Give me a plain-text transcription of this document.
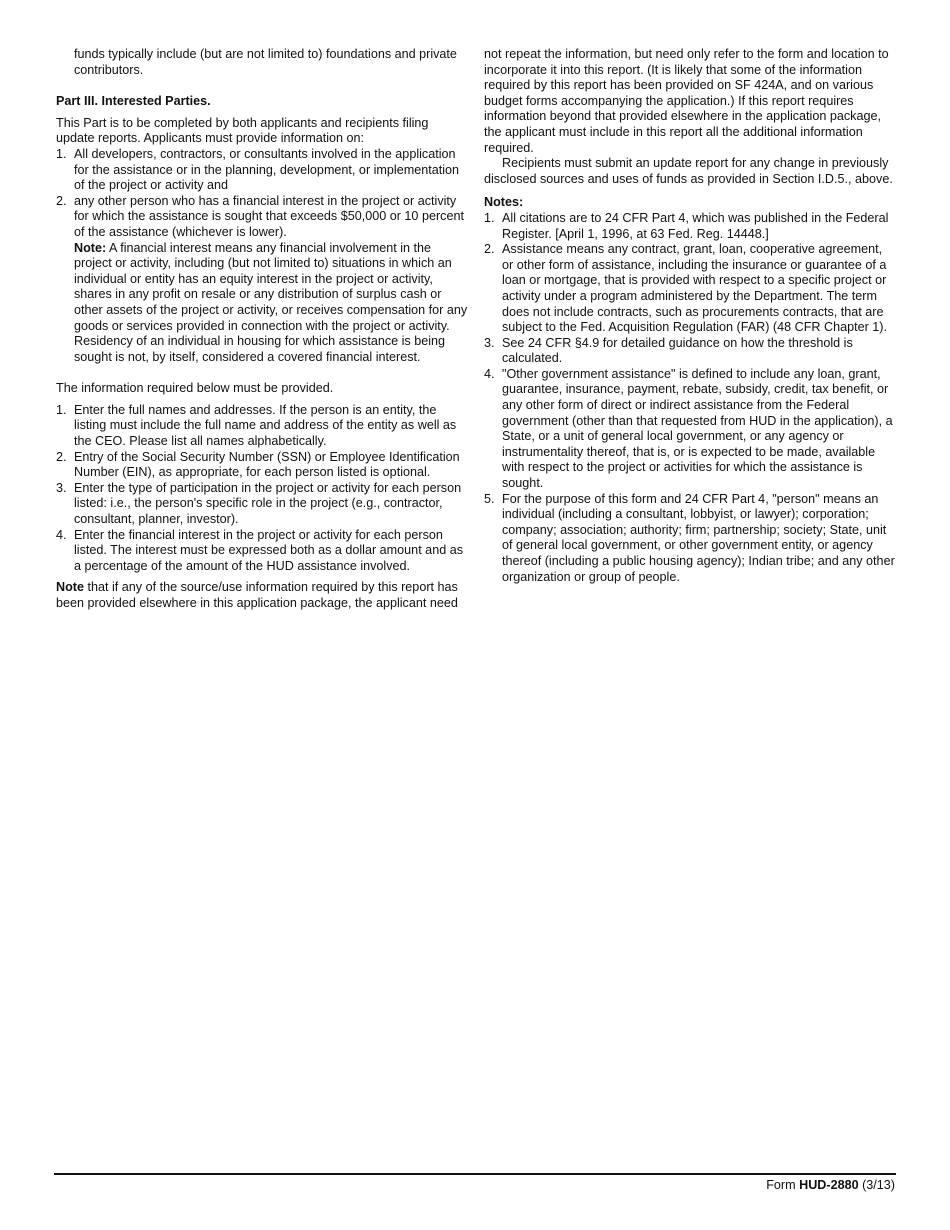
funds typically include (but are not limited to) foundations and private contributors.

Part III. Interested Parties.

This Part is to be completed by both applicants and recipients filing update reports. Applicants must provide information on:

1. All developers, contractors, or consultants involved in the application for the assistance or in the planning, development, or implementation of the project or activity and
2. any other person who has a financial interest in the project or activity for which the assistance is sought that exceeds $50,000 or 10 percent of the assistance (whichever is lower).
Note: A financial interest means any financial involvement in the project or activity, including (but not limited to) situations in which an individual or entity has an equity interest in the project or activity, shares in any profit on resale or any distribution of surplus cash or other assets of the project or activity, or receives compensation for any goods or services provided in connection with the project or activity. Residency of an individual in housing for which assistance is being sought is not, by itself, considered a covered financial interest.

The information required below must be provided.

1. Enter the full names and addresses. If the person is an entity, the listing must include the full name and address of the entity as well as the CEO. Please list all names alphabetically.
2. Entry of the Social Security Number (SSN) or Employee Identification Number (EIN), as appropriate, for each person listed is optional.
3. Enter the type of participation in the project or activity for each person listed: i.e., the person's specific role in the project (e.g., contractor, consultant, planner, investor).
4. Enter the financial interest in the project or activity for each person listed. The interest must be expressed both as a dollar amount and as a percentage of the amount of the HUD assistance involved.

Note that if any of the source/use information required by this report has been provided elsewhere in this application package, the applicant need

not repeat the information, but need only refer to the form and location to incorporate it into this report. (It is likely that some of the information required by this report has been provided on SF 424A, and on various budget forms accompanying the application.) If this report requires information beyond that provided elsewhere in the application package, the applicant must include in this report all the additional information required.

Recipients must submit an update report for any change in previously disclosed sources and uses of funds as provided in Section I.D.5., above.

Notes:

1. All citations are to 24 CFR Part 4, which was published in the Federal Register. [April 1, 1996, at 63 Fed. Reg. 14448.]
2. Assistance means any contract, grant, loan, cooperative agreement, or other form of assistance, including the insurance or guarantee of a loan or mortgage, that is provided with respect to a specific project or activity under a program administered by the Department. The term does not include contracts, such as procurements contracts, that are subject to the Fed. Acquisition Regulation (FAR) (48 CFR Chapter 1).
3. See 24 CFR §4.9 for detailed guidance on how the threshold is calculated.
4. "Other government assistance" is defined to include any loan, grant, guarantee, insurance, payment, rebate, subsidy, credit, tax benefit, or any other form of direct or indirect assistance from the Federal government (other than that requested from HUD in the application), a State, or a unit of general local government, or any agency or instrumentality thereof, that is, or is expected to be made, available with respect to the project or activities for which the assistance is sought.
5. For the purpose of this form and 24 CFR Part 4, "person" means an individual (including a consultant, lobbyist, or lawyer); corporation; company; association; authority; firm; partnership; society; State, unit of general local government, or other government entity, or agency thereof (including a public housing agency); Indian tribe; and any other organization or group of people.
Form HUD-2880 (3/13)
